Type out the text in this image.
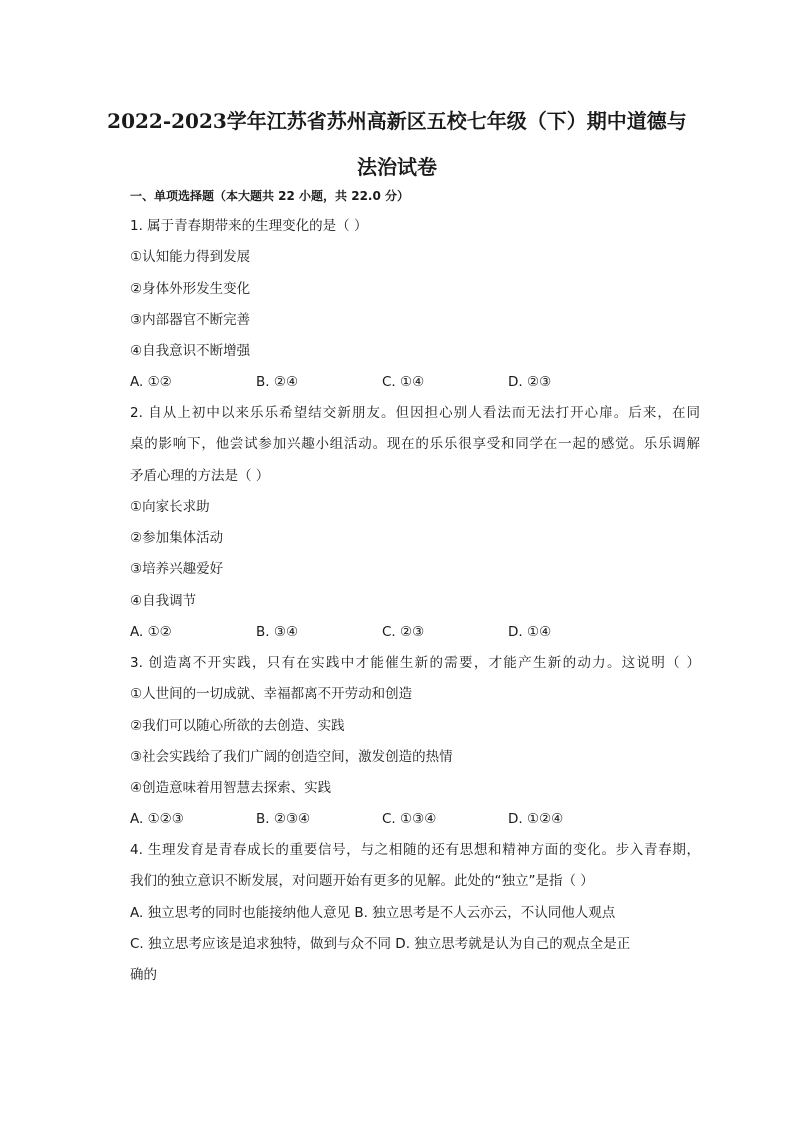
2022-2023学年江苏省苏州高新区五校七年级（下）期中道德与
法治试卷
一、单项选择题（本大题共 22 小题，共 22.0 分）
1. 属于青春期带来的生理变化的是（ ）
①认知能力得到发展
②身体外形发生变化
③内部器官不断完善
④自我意识不断增强
A. ①②	B. ②④	C. ①④	D. ②③
2. 自从上初中以来乐乐希望结交新朋友。但因担心别人看法而无法打开心扉。后来，在同
桌的影响下，他尝试参加兴趣小组活动。现在的乐乐很享受和同学在一起的感觉。乐乐调解
矛盾心理的方法是（ ）
①向家长求助
②参加集体活动
③培养兴趣爱好
④自我调节
A. ①②	B. ③④	C. ②③	D. ①④
3. 创造离不开实践，只有在实践中才能催生新的需要，才能产生新的动力。这说明（ ）
①人世间的一切成就、幸福都离不开劳动和创造
②我们可以随心所欲的去创造、实践
③社会实践给了我们广阔的创造空间，激发创造的热情
④创造意味着用智慧去探索、实践
A. ①②③	B. ②③④	C. ①③④	D. ①②④
4. 生理发育是青春成长的重要信号，与之相随的还有思想和精神方面的变化。步入青春期，
我们的独立意识不断发展，对问题开始有更多的见解。此处的“独立”是指（ ）
A. 独立思考的同时也能接纳他人意见 B. 独立思考是不人云亦云，不认同他人观点
C. 独立思考应该是追求独特，做到与众不同 D. 独立思考就是认为自己的观点全是正
确的
